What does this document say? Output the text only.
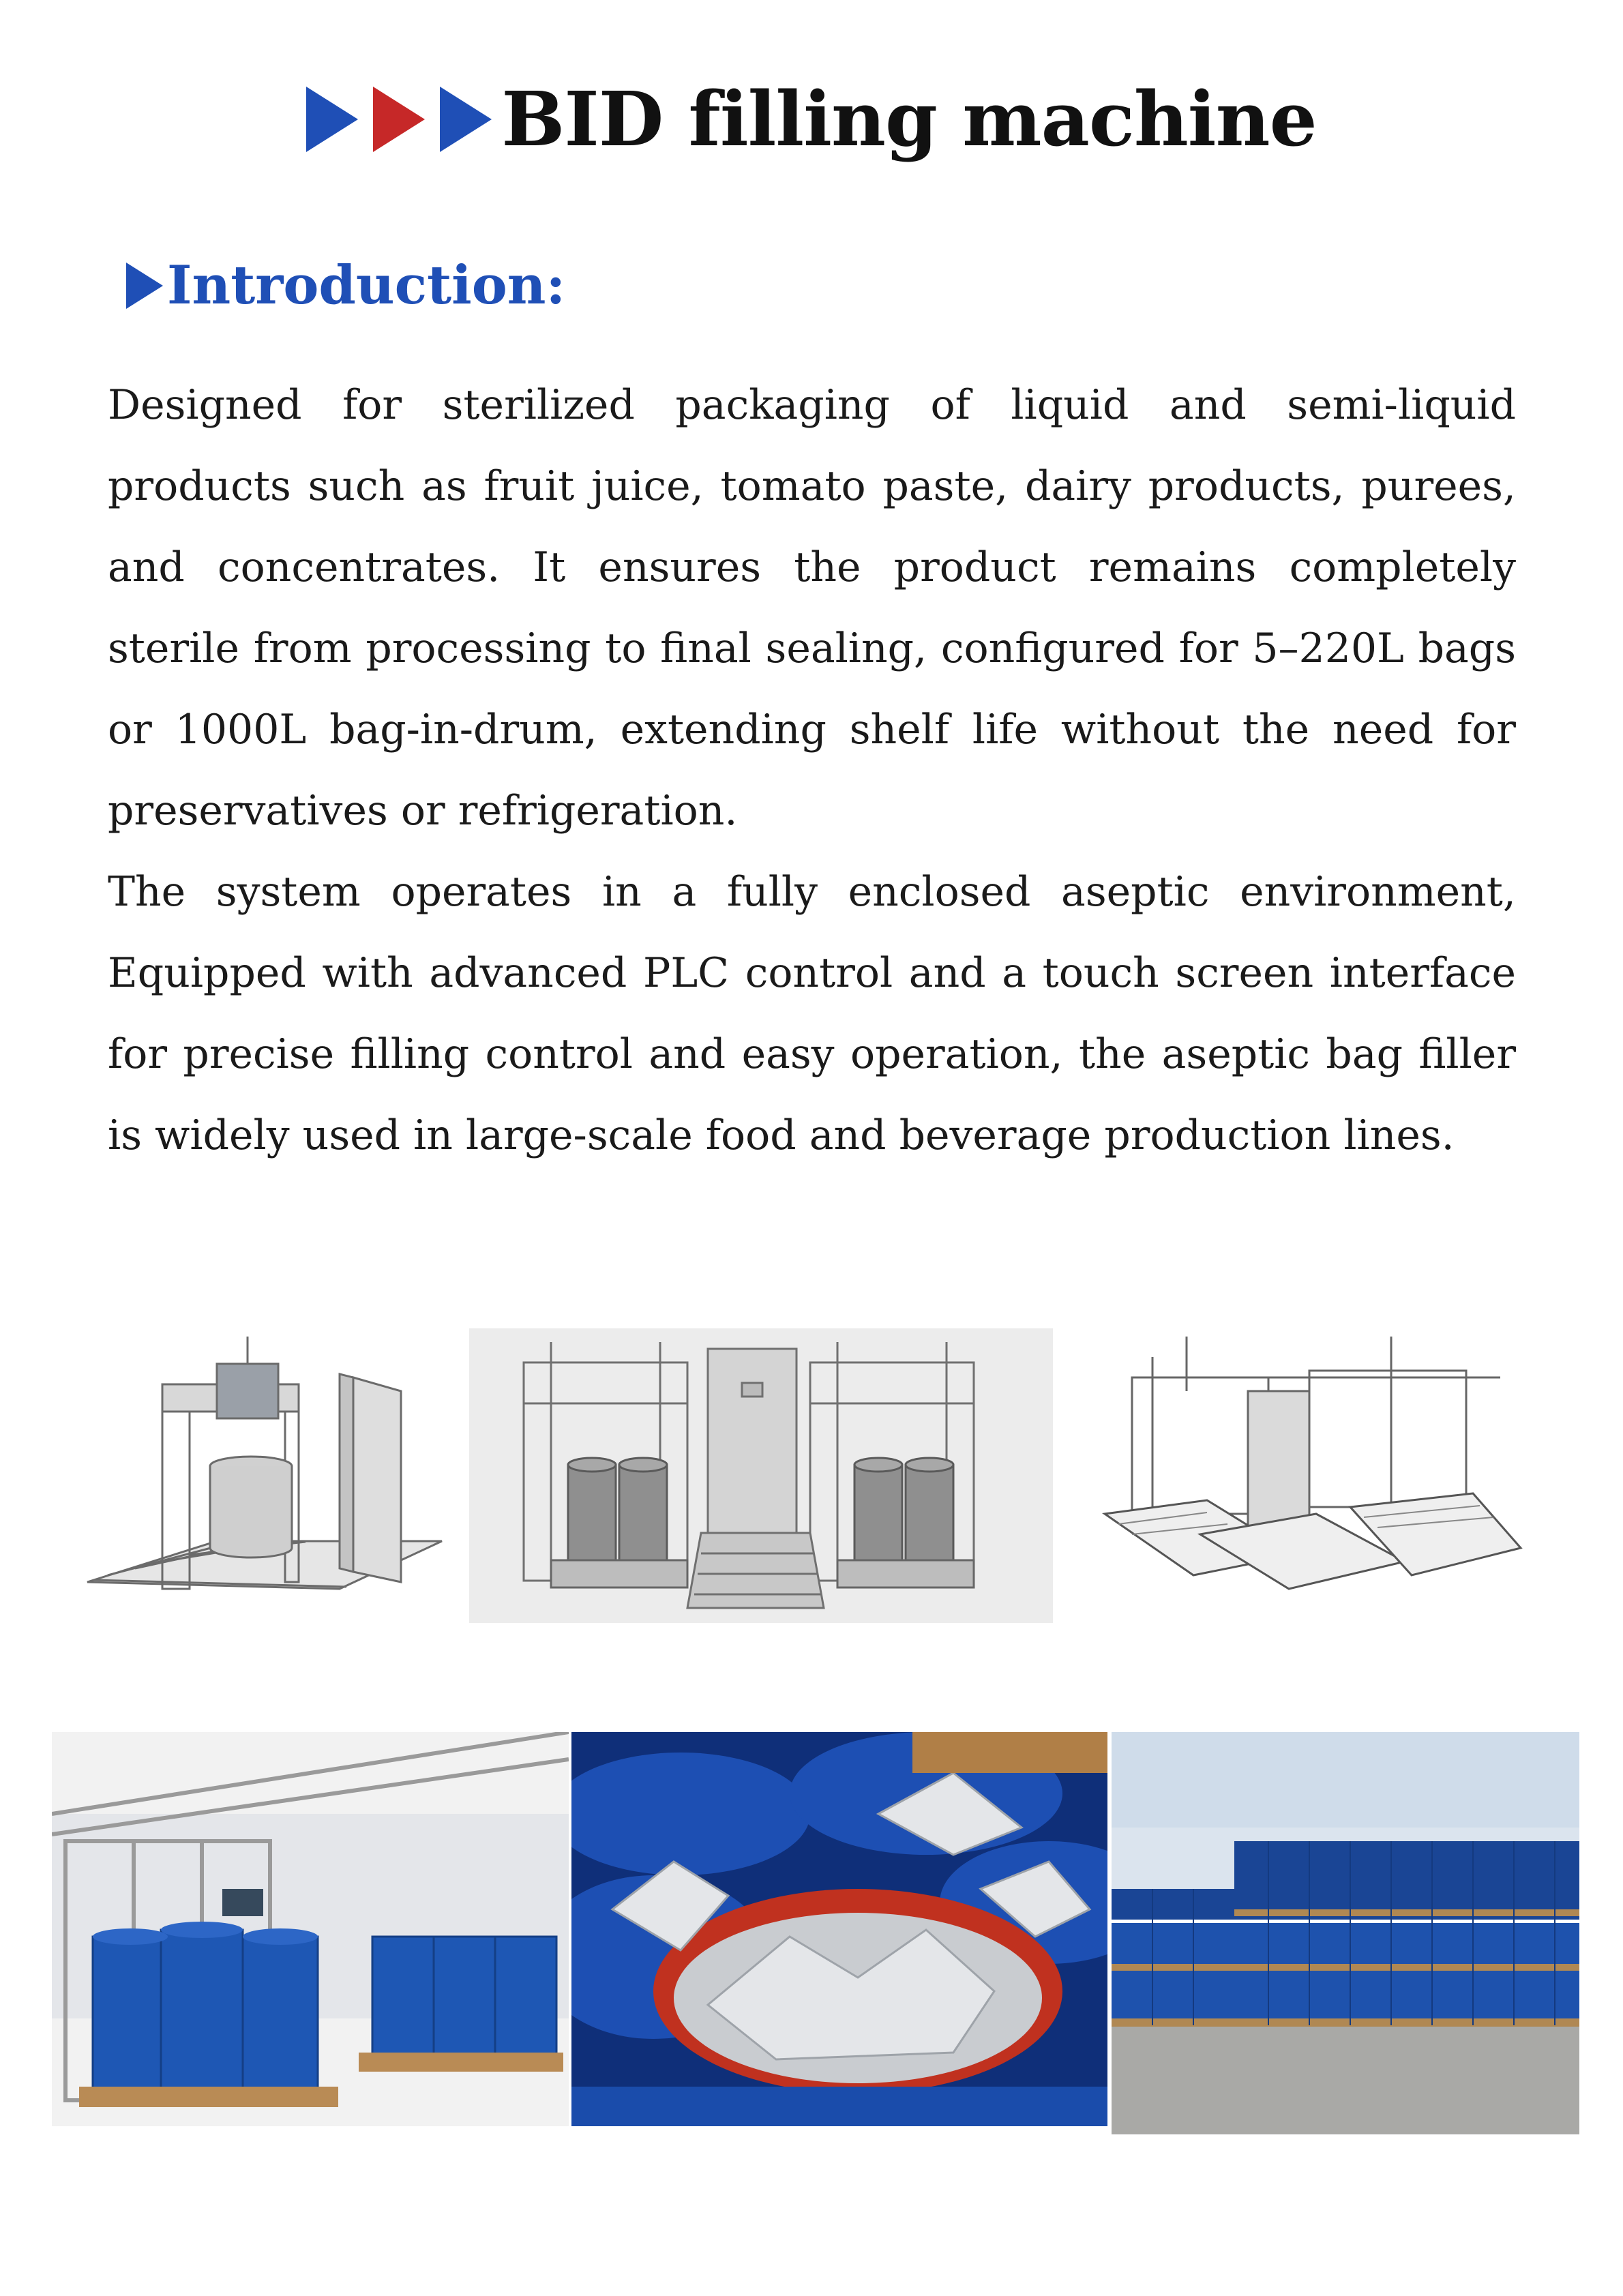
BID filling machine
Introduction:

Designed for sterilized packaging of liquid and semi-liquid products such as fruit juice, tomato paste, dairy products, purees, and concentrates. It ensures the product remains completely sterile from processing to final sealing, configured for 5–220L bags or 1000L bag-in-drum, extending shelf life without the need for preservatives or refrigeration.

The system operates in a fully enclosed aseptic environment, Equipped with advanced PLC control and a touch screen interface for precise filling control and easy operation, the aseptic bag filler is widely used in large-scale food and beverage production lines.
